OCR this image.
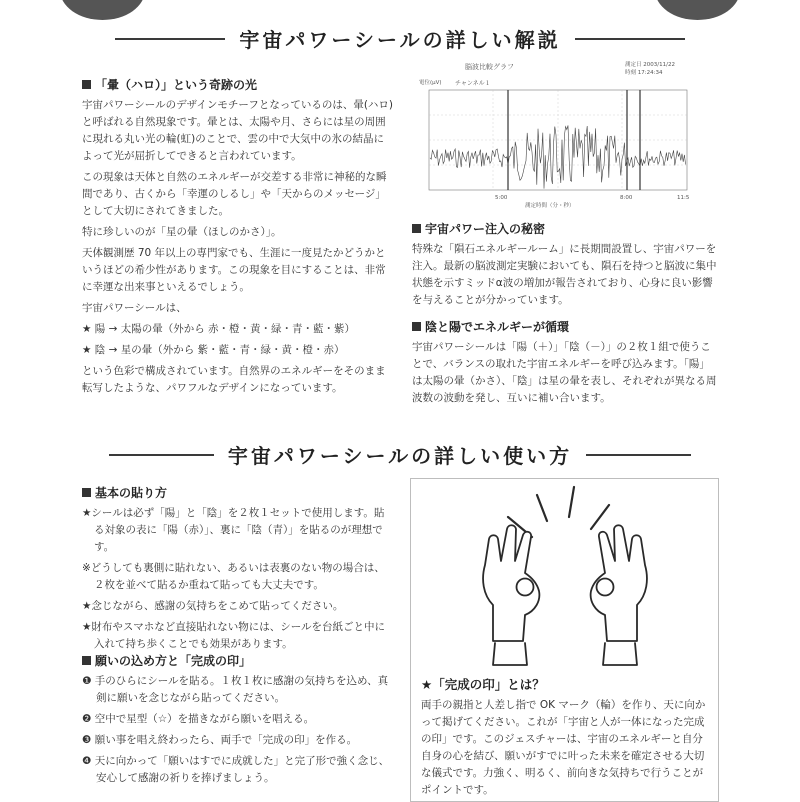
宇宙パワーシールの詳しい解説
「暈（ハロ）」という奇跡の光

宇宙パワーシールのデザインモチーフとなっているのは、暈(ハロ)と呼ばれる自然現象です。暈とは、太陽や月、さらには星の周囲に現れる丸い光の輪(虹)のことで、雲の中で大気中の氷の結晶によって光が屈折してできると言われています。

この現象は天体と自然のエネルギーが交差する非常に神秘的な瞬間であり、古くから「幸運のしるし」や「天からのメッセージ」として大切にされてきました。

特に珍しいのが「星の暈（ほしのかさ）」。

天体観測歴 70 年以上の専門家でも、生涯に一度見たかどうかというほどの希少性があります。この現象を目にすることは、非常に幸運な出来事といえるでしょう。

宇宙パワーシールは、

★ 陽 → 太陽の暈（外から 赤・橙・黄・緑・青・藍・紫）

★ 陰 → 星の暈（外から 紫・藍・青・緑・黄・橙・赤）

という色彩で構成されています。自然界のエネルギーをそのまま転写したような、パワフルなデザインになっています。

脳波比較グラフ	測定日 2003/11/22
時刻 17:24:34
電位(µV) チャンネル１
5:00	8:00	11:5
測定時間（分・秒）
宇宙パワー注入の秘密

特殊な「隕石エネルギールーム」に長期間設置し、宇宙パワーを注入。最新の脳波測定実験においても、隕石を持つと脳波に集中状態を示すミッドα波の増加が報告されており、心身に良い影響を与えることが分かっています。

陰と陽でエネルギーが循環

宇宙パワーシールは「陽（＋）」「陰（－）」の２枚１組で使うことで、バランスの取れた宇宙エネルギーを呼び込みます。「陽」は太陽の暈（かさ）、「陰」は星の暈を表し、それぞれが異なる周波数の波動を発し、互いに補い合います。

宇宙パワーシールの詳しい使い方
基本の貼り方

★シールは必ず「陽」と「陰」を２枚１セットで使用します。貼る対象の表に「陽（赤）」、裏に「陰（青）」を貼るのが理想です。

※どうしても裏側に貼れない、あるいは表裏のない物の場合は、２枚を並べて貼るか重ねて貼っても大丈夫です。

★念じながら、感謝の気持ちをこめて貼ってください。

★財布やスマホなど直接貼れない物には、シールを台紙ごと中に入れて持ち歩くことでも効果があります。

願いの込め方と「完成の印」

❶ 手のひらにシールを貼る。１枚１枚に感謝の気持ちを込め、真剣に願いを念じながら貼ってください。

❷ 空中で星型（☆）を描きながら願いを唱える。

❸ 願い事を唱え終わったら、両手で「完成の印」を作る。

❹ 天に向かって「願いはすでに成就した」と完了形で強く念じ、安心して感謝の祈りを捧げましょう。

★「完成の印」とは？
両手の親指と人差し指で OK マーク（輪）を作り、天に向かって掲げてください。これが「宇宙と人が一体になった完成の印」です。このジェスチャーは、宇宙のエネルギーと自分自身の心を結び、願いがすでに叶った未来を確定させる大切な儀式です。力強く、明るく、前向きな気持ちで行うことがポイントです。
